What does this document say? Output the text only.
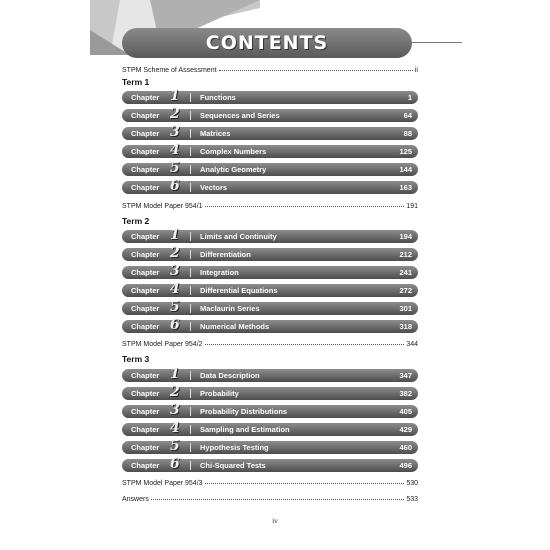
CONTENTS
STPM Scheme of Assessment	ii
Term 1
Chapter 1	Functions	1
Chapter 2	Sequences and Series	64
Chapter 3	Matrices	88
Chapter 4	Complex Numbers	125
Chapter 5	Analytic Geometry	144
Chapter 6	Vectors	163
STPM Model Paper 954/1	191
Term 2
Chapter 1	Limits and Continuity	194
Chapter 2	Differentiation	212
Chapter 3	Integration	241
Chapter 4	Differential Equations	272
Chapter 5	Maclaurin Series	301
Chapter 6	Numerical Methods	318
STPM Model Paper 954/2	344
Term 3
Chapter 1	Data Description	347
Chapter 2	Probability	382
Chapter 3	Probability Distributions	405
Chapter 4	Sampling and Estimation	429
Chapter 5	Hypothesis Testing	460
Chapter 6	Chi-Squared Tests	496
STPM Model Paper 954/3	530
Answers	533
iv
